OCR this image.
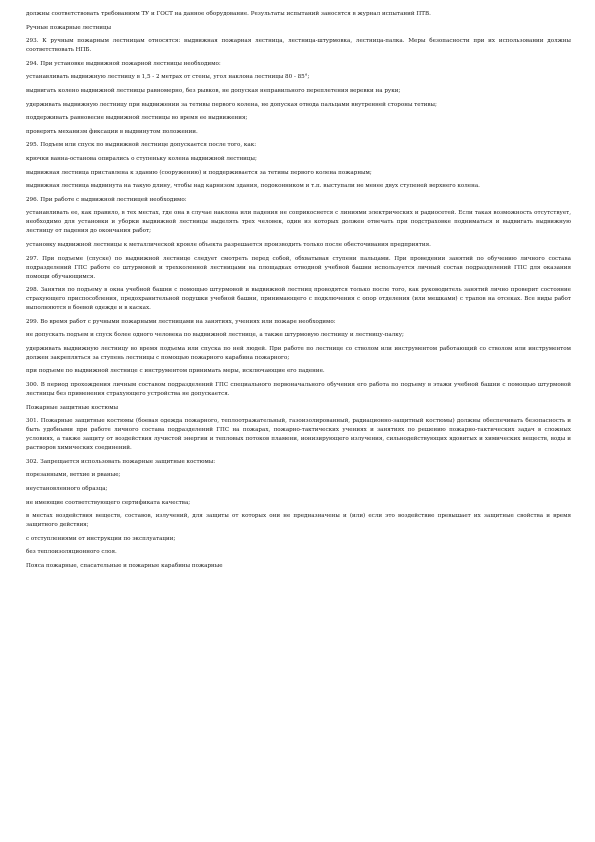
должны соответствовать требованиям ТУ и ГОСТ на данное оборудование. Результаты испытаний заносятся в журнал испытаний ПТВ.

Ручные пожарные лестницы

293. К ручным пожарным лестницам относятся: выдвижная пожарная лестница, лестница-штурмовка, лестница-палка. Меры безопасности при их использовании должны соответствовать НПБ.

294. При установке выдвижной пожарной лестницы необходимо:

устанавливать выдвижную лестницу в 1,5 - 2 метрах от стены, угол наклона лестницы 80 - 85°;

выдвигать колено выдвижной лестницы равномерно, без рывков, не допуская неправильного переплетения веревки на руки;

удерживать выдвижную лестницу при выдвижении за тетивы первого колена, не допуская отвода пальцами внутренней стороны тетивы;

поддерживать равновесие выдвижной лестницы во время ее выдвижения;

проверять механизм фиксации в выдвинутом положении.

295. Подъем или спуск по выдвижной лестнице допускается после того, как:

крючки ванна-останова опирались о ступеньку колена выдвижной лестницы;

выдвижная лестница приставлена к зданию (сооружению) и поддерживается за тетивы первого колена пожарным;

выдвижная лестница выдвинута на такую длину, чтобы над карнизом здания, подоконником и т.п. выступали не менее двух ступеней верхнего колена.

296. При работе с выдвижной лестницей необходимо:

устанавливать ее, как правило, в тех местах, где она в случае наклона или падения не соприкоснется с линиями электрических и радиосетей. Если такая возможность отсутствует, необходимо для установки и уборки выдвижной лестницы выделять трех человек, один из которых должен отвечать при подстраховке подниматься и выдвигать выдвижную лестницу от падения до окончания работ;

установку выдвижной лестницы к металлической кровле объекта разрешается производить только после обесточивания предприятия.

297. При подъеме (спуске) по выдвижной лестнице следует смотреть перед собой, обхватывая ступени пальцами. При проведении занятий по обучению личного состава подразделений ГПС работе со штурмовой и трехколенной лестницами на площадках отводной учебной башни используется личный состав подразделений ГПС для оказания помощи обучающимся.

298. Занятия по подъему в окна учебной башни с помощью штурмовой и выдвижной лестниц проводятся только после того, как руководитель занятий лично проверит состояние страхующего приспособления, предохранительной подушки учебной башни, принимающего с подключения с опор отделения (или мешками) с трапов на отсеках. Все виды работ выполняются в боевой одежде и в касках.

299. Во время работ с ручными пожарными лестницами на занятиях, учениях или пожаре необходимо:

не допускать подъем и спуск более одного человека по выдвижной лестнице, а также штурмовую лестницу и лестницу-палку;

удерживать выдвижную лестницу во время подъема или спуска по ней людей. При работе по лестнице со стволом или инструментом работающий со стволом или инструментом должен закрепляться за ступень лестницы с помощью пожарного карабина пожарного;

при подъеме по выдвижной лестнице с инструментом принимать меры, исключающие его падение.

300. В период прохождения личным составом подразделений ГПС специального первоначального обучения его работа по подъему в этажи учебной башни с помощью штурмовой лестницы без применения страхующего устройства не допускается.

Пожарные защитные костюмы

301. Пожарные защитные костюмы (боевая одежда пожарного, теплоотражательный, газоизолированный, радиационно-защитный костюмы) должны обеспечивать безопасность и быть удобными при работе личного состава подразделений ГПС на пожарах, пожарно-тактических учениях и занятиях по решению пожарно-тактических задач в сложных условиях, а также защиту от воздействия лучистой энергии и тепловых потоков пламени, ионизирующего излучения, сильнодействующих ядовитых и химических веществ, воды и растворов химических соединений.

302. Запрещается использовать пожарные защитные костюмы:

порезанными, ветхие и рваные;

неустановленного образца;

не имеющие соответствующего сертификата качества;

в местах воздействия веществ, составов, излучений, для защиты от которых они не предназначены и (или) если это воздействие превышает их защитные свойства и время защитного действия;

с отступлениями от инструкции по эксплуатации;

без теплоизоляционного слоя.

Пояса пожарные, спасательные и пожарные карабины пожарные
